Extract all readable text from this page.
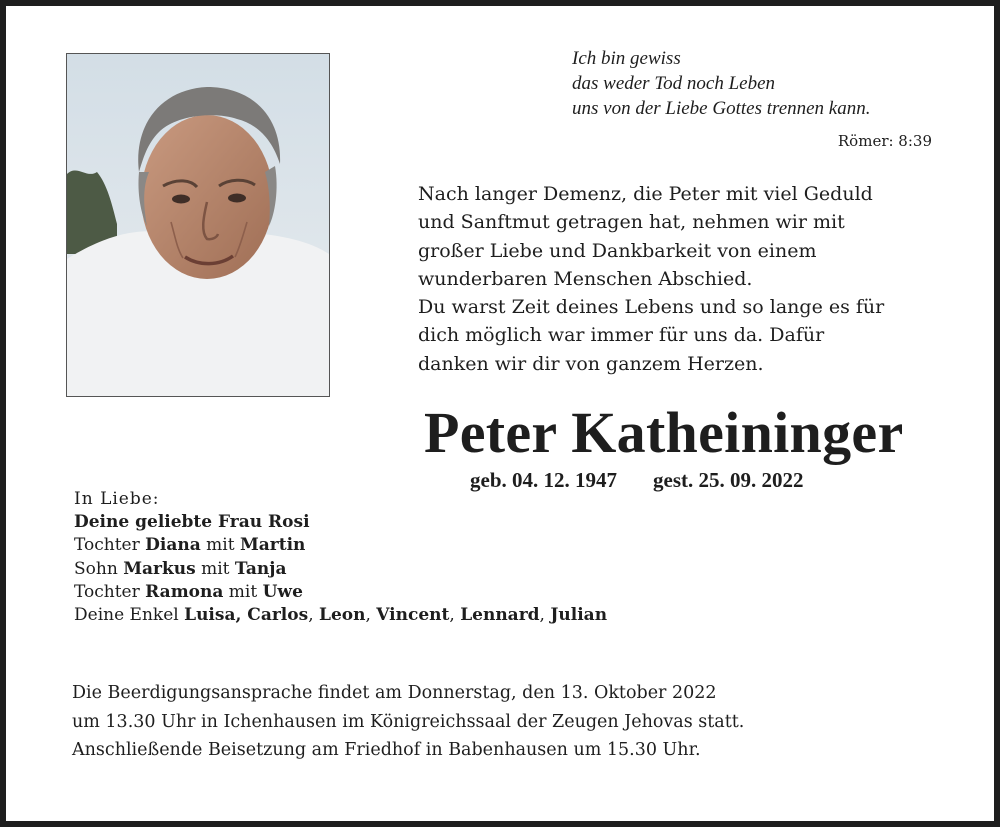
Ich bin gewiss
das weder Tod noch Leben
uns von der Liebe Gottes trennen kann.
Römer: 8:39
Nach langer Demenz, die Peter mit viel Geduld
und Sanftmut getragen hat, nehmen wir mit
großer Liebe und Dankbarkeit von einem
wunderbaren Menschen Abschied.
Du warst Zeit deines Lebens und so lange es für
dich möglich war immer für uns da. Dafür
danken wir dir von ganzem Herzen.
Peter Katheininger
geb. 04. 12. 1947 gest. 25. 09. 2022
In Liebe:
Deine geliebte Frau Rosi
Tochter Diana mit Martin
Sohn Markus mit Tanja
Tochter Ramona mit Uwe
Deine Enkel Luisa, Carlos, Leon, Vincent, Lennard, Julian
Die Beerdigungsansprache findet am Donnerstag, den 13. Oktober 2022
um 13.30 Uhr in Ichenhausen im Königreichssaal der Zeugen Jehovas statt.
Anschließende Beisetzung am Friedhof in Babenhausen um 15.30 Uhr.
